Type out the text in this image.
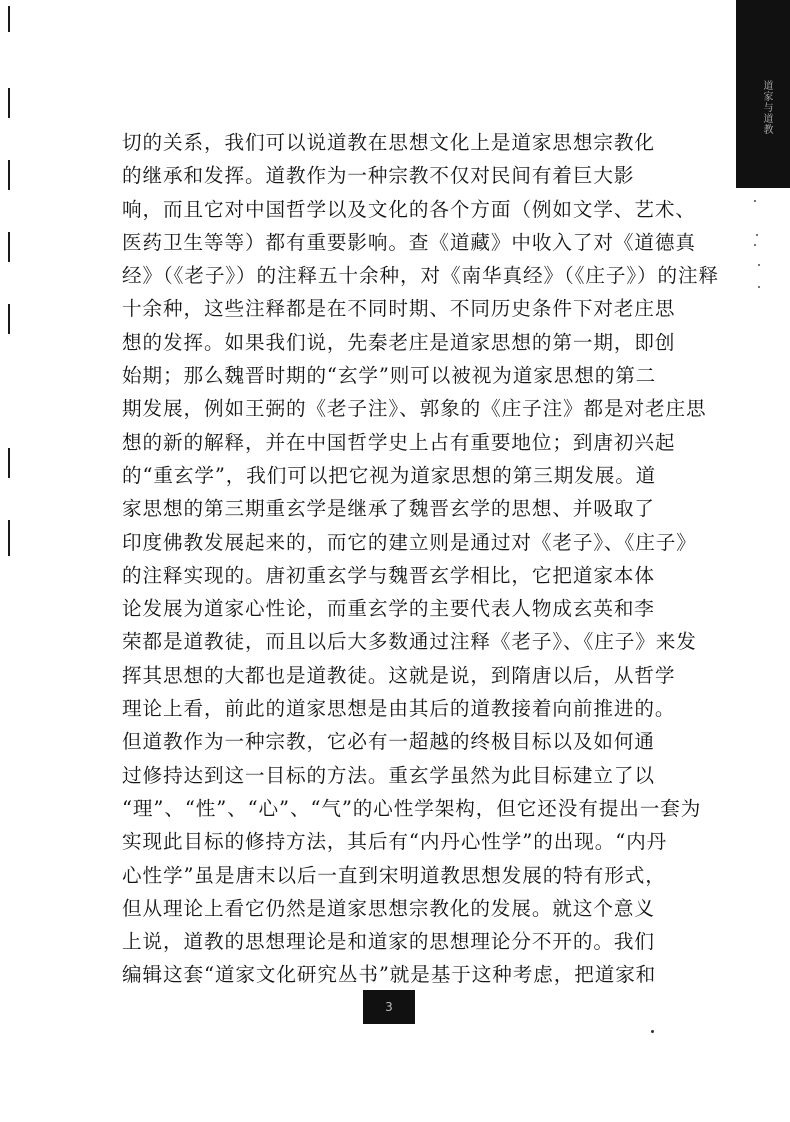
道家与道教
切的关系，我们可以说道教在思想文化上是道家思想宗教化
的继承和发挥。道教作为一种宗教不仅对民间有着巨大影
响，而且它对中国哲学以及文化的各个方面（例如文学、艺术、
医药卫生等等）都有重要影响。查《道藏》中收入了对《道德真
经》（《老子》）的注释五十余种，对《南华真经》（《庄子》）的注释
十余种，这些注释都是在不同时期、不同历史条件下对老庄思
想的发挥。如果我们说，先秦老庄是道家思想的第一期，即创
始期；那么魏晋时期的“玄学”则可以被视为道家思想的第二
期发展，例如王弼的《老子注》、郭象的《庄子注》都是对老庄思
想的新的解释，并在中国哲学史上占有重要地位；到唐初兴起
的“重玄学”，我们可以把它视为道家思想的第三期发展。道
家思想的第三期重玄学是继承了魏晋玄学的思想、并吸取了
印度佛教发展起来的，而它的建立则是通过对《老子》、《庄子》
的注释实现的。唐初重玄学与魏晋玄学相比，它把道家本体
论发展为道家心性论，而重玄学的主要代表人物成玄英和李
荣都是道教徒，而且以后大多数通过注释《老子》、《庄子》来发
挥其思想的大都也是道教徒。这就是说，到隋唐以后，从哲学
理论上看，前此的道家思想是由其后的道教接着向前推进的。
但道教作为一种宗教，它必有一超越的终极目标以及如何通
过修持达到这一目标的方法。重玄学虽然为此目标建立了以
“理”、“性”、“心”、“气”的心性学架构，但它还没有提出一套为
实现此目标的修持方法，其后有“内丹心性学”的出现。“内丹
心性学”虽是唐末以后一直到宋明道教思想发展的特有形式，
但从理论上看它仍然是道家思想宗教化的发展。就这个意义
上说，道教的思想理论是和道家的思想理论分不开的。我们
编辑这套“道家文化研究丛书”就是基于这种考虑，把道家和
3
